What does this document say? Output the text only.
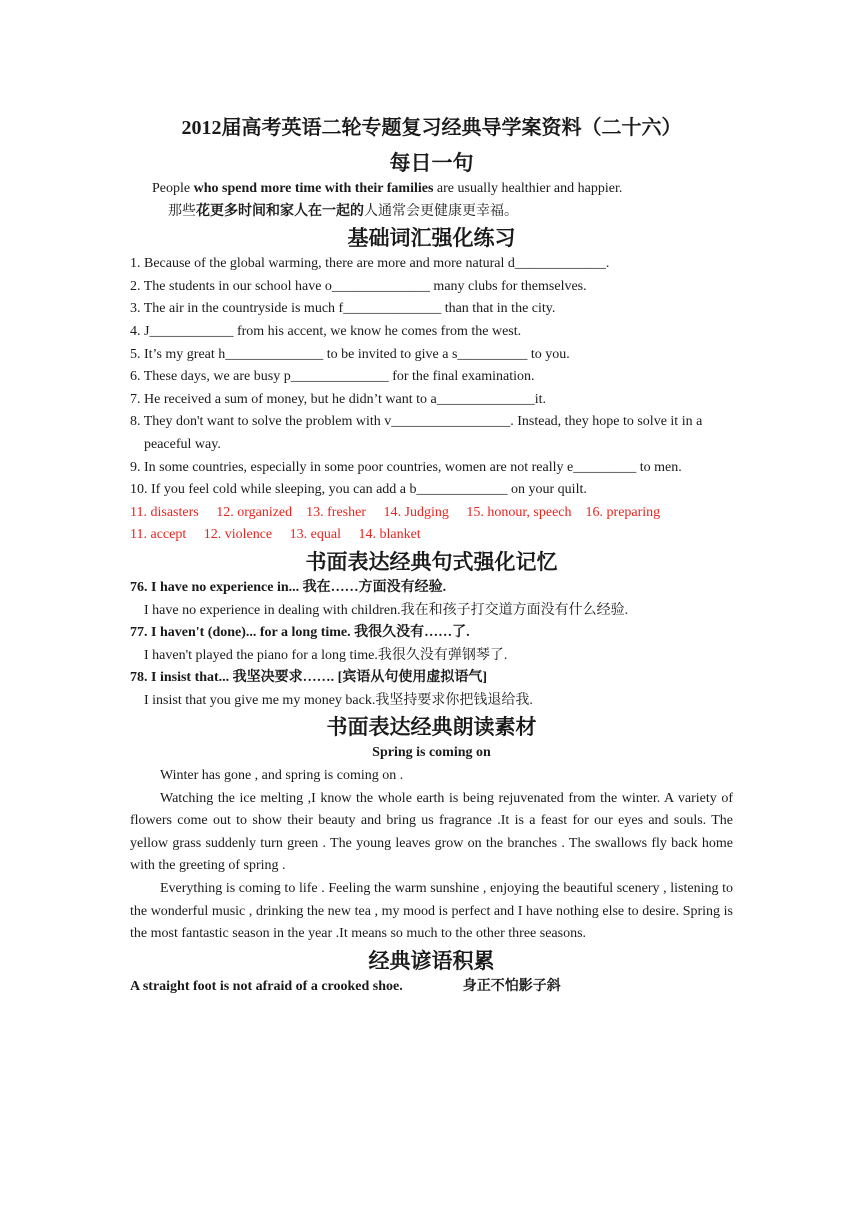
2012届高考英语二轮专题复习经典导学案资料（二十六）
每日一句

People who spend more time with their families are usually healthier and happier.

那些花更多时间和家人在一起的人通常会更健康更幸福。

基础词汇强化练习

1. Because of the global warming, there are more and more natural d_____________.

2. The students in our school have o______________ many clubs for themselves.

3. The air in the countryside is much f______________ than that in the city.

4. J____________ from his accent, we know he comes from the west.

5. It’s my great h______________ to be invited to give a s__________ to you.

6. These days, we are busy p______________ for the final examination.

7. He received a sum of money, but he didn’t want to a______________it.

8. They don't want to solve the problem with v_________________. Instead, they hope to solve it in a peaceful way.

9. In some countries, especially in some poor countries, women are not really e_________ to men.

10. If you feel cold while sleeping, you can add a b_____________ on your quilt.

11. disasters　 12. organized　13. fresher　 14. Judging　 15. honour, speech　16. preparing

11. accept　 12. violence　 13. equal　 14. blanket

书面表达经典句式强化记忆

76. I have no experience in... 我在……方面没有经验.

I have no experience in dealing with children.我在和孩子打交道方面没有什么经验.

77. I haven't (done)... for a long time. 我很久没有……了.

I haven't played the piano for a long time.我很久没有弹钢琴了.

78. I insist that... 我坚决要求……. [宾语从句使用虚拟语气]

I insist that you give me my money back.我坚持要求你把钱退给我.

书面表达经典朗读素材

Spring is coming on

Winter has gone , and spring is coming on .

Watching the ice melting ,I know the whole earth is being rejuvenated from the winter. A variety of flowers come out to show their beauty and bring us fragrance .It is a feast for our eyes and souls. The yellow grass suddenly turn green . The young leaves grow on the branches . The swallows fly back home with the greeting of spring .

Everything is coming to life . Feeling the warm sunshine , enjoying the beautiful scenery , listening to the wonderful music , drinking the new tea , my mood is perfect and I have nothing else to desire. Spring is the most fantastic season in the year .It means so much to the other three seasons.

经典谚语积累

A straight foot is not afraid of a crooked shoe.	身正不怕影子斜
